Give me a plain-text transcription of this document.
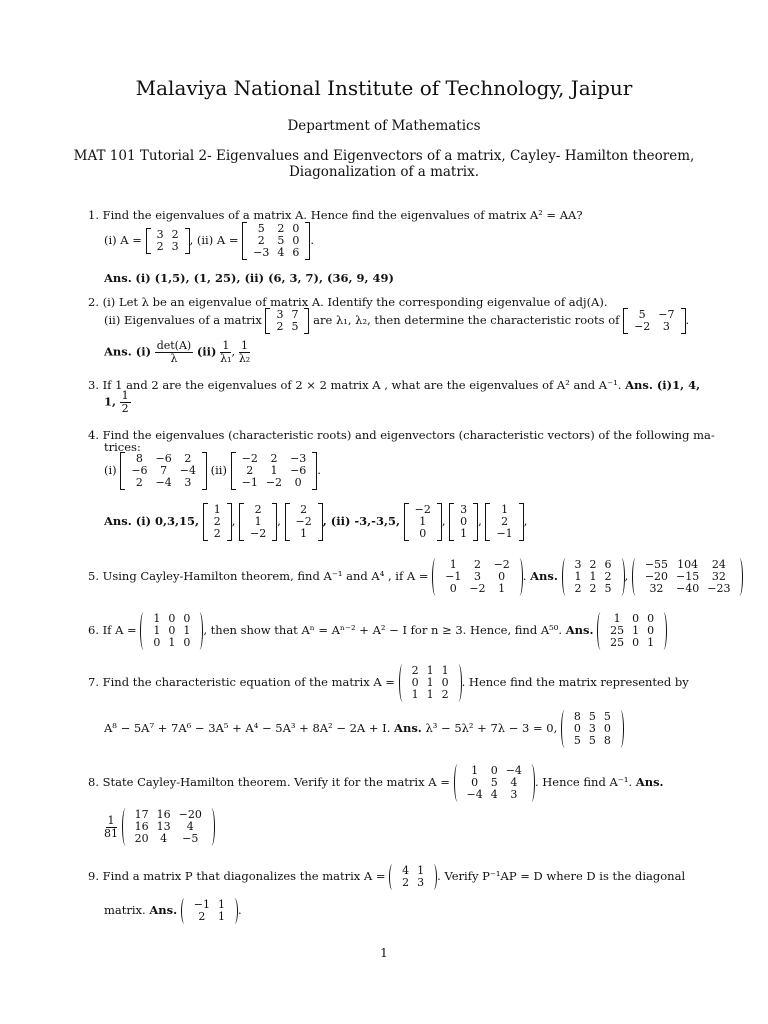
Malaviya National Institute of Technology, Jaipur
Department of Mathematics
MAT 101 Tutorial 2- Eigenvalues and Eigenvectors of a matrix, Cayley- Hamilton theorem,
Diagonalization of a matrix.
1. Find the eigenvalues of a matrix A. Hence find the eigenvalues of matrix A² = AA?
(i) A = 3	2
2	3 , (ii) A =
5	2	0
2	5	0
−3	4	6
.
Ans. (i) (1,5), (1, 25), (ii) (6, 3, 7), (36, 9, 49)
2. (i) Let λ be an eigenvalue of matrix A. Identify the corresponding eigenvalue of adj(A).
(ii) Eigenvalues of a matrix 3	7
2	5 are λ₁, λ₂, then determine the characteristic roots of 5	−7
−2	3 .
Ans. $(i) \frac{\det(A)}{\lambda} (ii) \frac{1}{\text{λ₁}}$ , $\frac{1}{\text{λ₂}}$
3. If 1 and 2 are the eigenvalues of 2 × 2 matrix A , what are the eigenvalues of A² and A⁻¹. Ans. (i)1, 4,
1, $\frac{1}{2}$
4. Find the eigenvalues (characteristic roots) and eigenvectors (characteristic vectors) of the following ma-
trices:
(i)
8	−6	2
−6	7	−4
2	−4	3
(ii)
−2	2	−3
2	1	−6
−1	−2	0
.
Ans. (i) 0,3,15,
1
2
2
,
2
1
−2
,
2
−2
1
, (ii) -3,-3,5,
−2
1
0
,
3
0
1
,
1
2
−1
,
5. Using Cayley-Hamilton theorem, find A⁻¹ and A⁴ , if A =
1	2	−2
−1	3	0
0	−2	1
. Ans.
3	2	6
1	1	2
2	2	5
,
−55	104	24
−20	−15	32
32	−40	−23
6. If A =
1	0	0
1	0	1
0	1	0
, then show that Aⁿ = Aⁿ⁻² + A² − I for n ≥ 3. Hence, find A⁵⁰. Ans.
1	0	0
25	1	0
25	0	1
7. Find the characteristic equation of the matrix A =
2	1	1
0	1	0
1	1	2
. Hence find the matrix represented by
A⁸ − 5A⁷ + 7A⁶ − 3A⁵ + A⁴ − 5A³ + 8A² − 2A + I. Ans. λ³ − 5λ² + 7λ − 3 = 0,
8	5	5
0	3	0
5	5	8
8. State Cayley-Hamilton theorem. Verify it for the matrix A =
1	0	−4
0	5	4
−4	4	3
. Hence find A⁻¹. Ans.
$\frac{1}{81}$
17	16	−20
16	13	4
20	4	−5
9. Find a matrix P that diagonalizes the matrix A = 4	1
2	3 . Verify P⁻¹AP = D where D is the diagonal
matrix. Ans. −1	1
2	1 .
1
